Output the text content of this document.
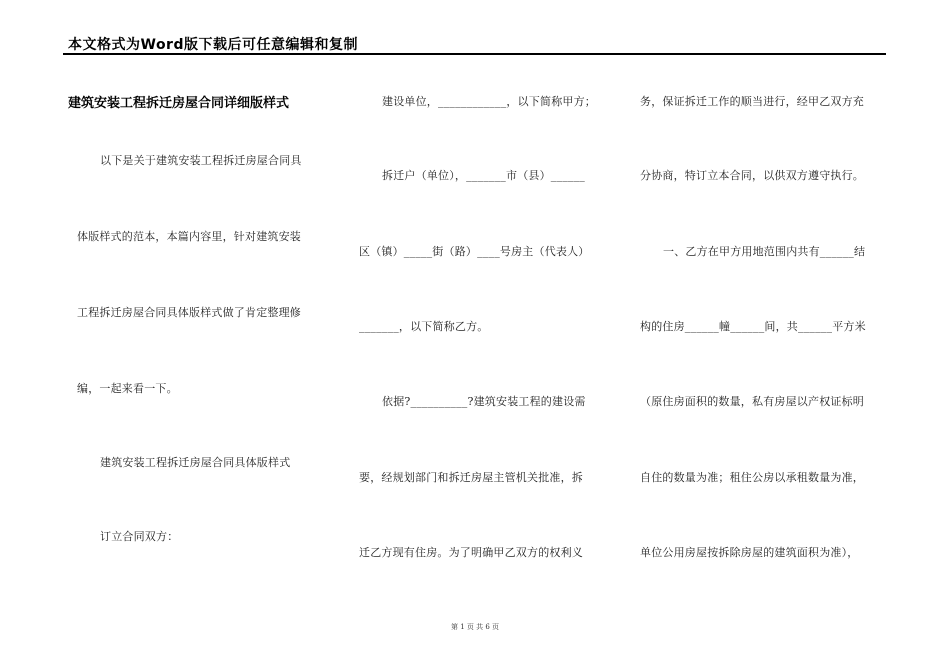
本文格式为Word版下载后可任意编辑和复制
建筑安装工程拆迁房屋合同详细版样式
以下是关于建筑安装工程拆迁房屋合同具
体版样式的范本，本篇内容里，针对建筑安装
工程拆迁房屋合同具体版样式做了肯定整理修
编，一起来看一下。
建筑安装工程拆迁房屋合同具体版样式
订立合同双方：
建设单位，____________，以下简称甲方；
拆迁户（单位），_______市（县）______
区（镇）_____街（路）____号房主（代表人）
_______，以下简称乙方。
依据?__________?建筑安装工程的建设需
要，经规划部门和拆迁房屋主管机关批准，拆
迁乙方现有住房。为了明确甲乙双方的权利义
务，保证拆迁工作的顺当进行，经甲乙双方充
分协商，特订立本合同，以供双方遵守执行。
一、乙方在甲方用地范围内共有______结
构的住房______幢______间，共______平方米
（原住房面积的数量，私有房屋以产权证标明
自住的数量为准；租住公房以承租数量为准，
单位公用房屋按拆除房屋的建筑面积为准），
第 1 页 共 6 页
